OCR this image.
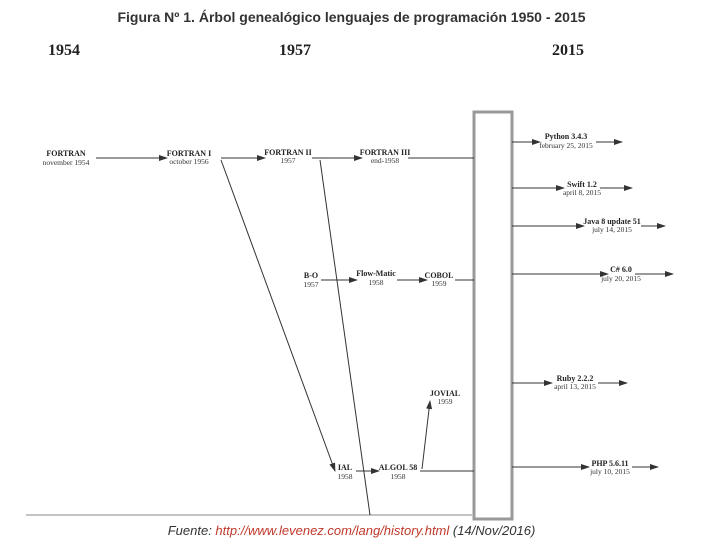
Figura Nº 1. Árbol genealógico lenguajes de programación 1950 - 2015
1954	1957	2015
FORTRAN
november 1954
FORTRAN I
october 1956
FORTRAN II
1957
FORTRAN III
end-1958
B-O
1957
Flow-Matic
1958
COBOL
1959
JOVIAL
1959
IAL
1958
ALGOL 58
1958
Python 3.4.3
february 25, 2015
Swift 1.2
april 8, 2015
Java 8 update 51
july 14, 2015
C# 6.0
july 20, 2015
Ruby 2.2.2
april 13, 2015
PHP 5.6.11
july 10, 2015
Fuente: http://www.levenez.com/lang/history.html (14/Nov/2016)
